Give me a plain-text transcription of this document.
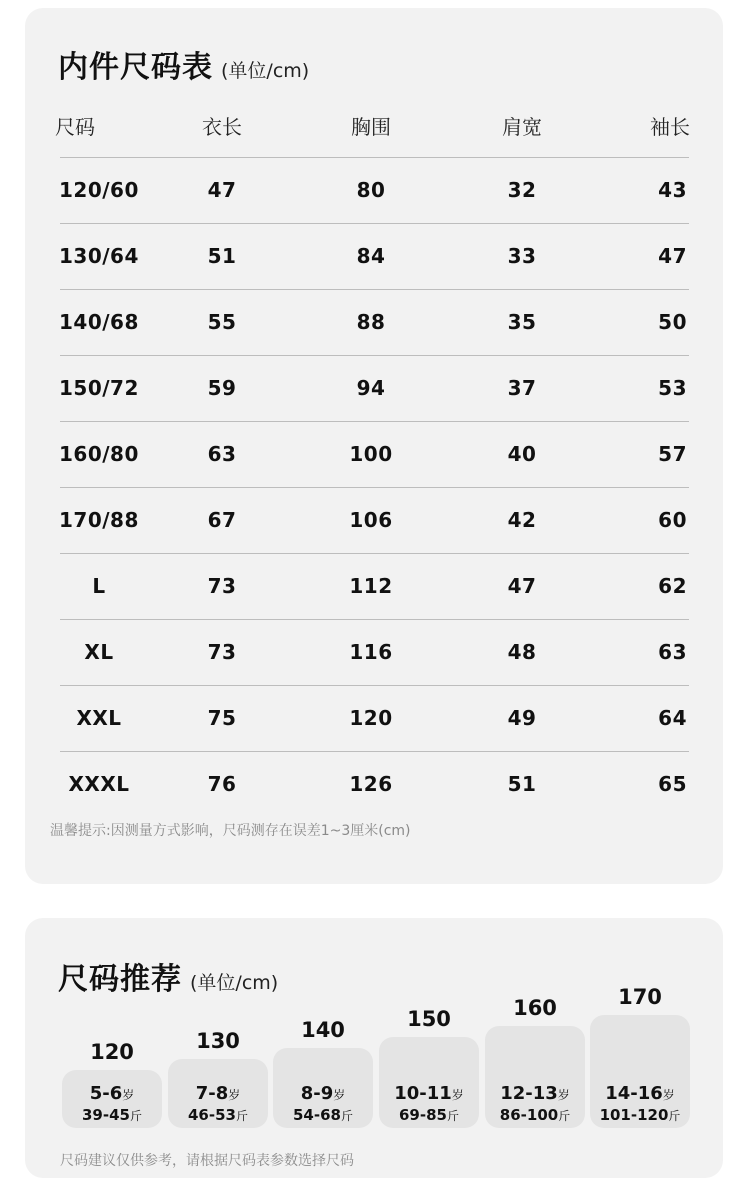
内件尺码表 (单位/cm)
尺码	衣长	胸围	肩宽	袖长
120/60	47	80	32	43
130/64	51	84	33	47
140/68	55	88	35	50
150/72	59	94	37	53
160/80	63	100	40	57
170/88	67	106	42	60
L	73	112	47	62
XL	73	116	48	63
XXL	75	120	49	64
XXXL	76	126	51	65
温馨提示:因测量方式影响，尺码测存在误差1~3厘米(cm)
尺码推荐 (单位/cm)
120
5-6岁
39-45斤
130
7-8岁
46-53斤
140
8-9岁
54-68斤
150
10-11岁
69-85斤
160
12-13岁
86-100斤
170
14-16岁
101-120斤
尺码建议仅供参考，请根据尺码表参数选择尺码
